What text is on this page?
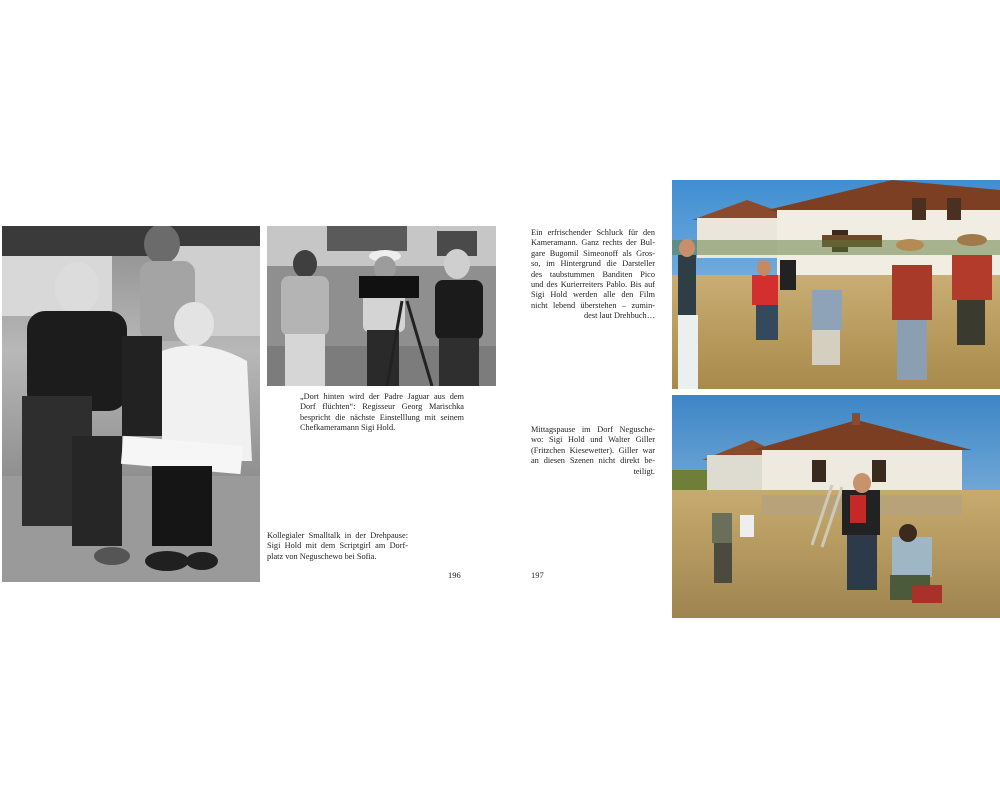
„Dort hinten wird der Padre Jaguar aus dem
Dorf flüchten“: Regisseur Georg Marischka
bespricht die nächste Einstelllung mit seinem
Chefkameramann Sigi Hold.
Kollegialer Smalltalk in der Drehpause:
Sigi Hold mit dem Scriptgirl am Dorf-
platz von Neguschewo bei Sofia.
196
Ein erfrischender Schluck für den
Kameramann. Ganz rechts der Bul-
gare Bugomil Simeonoff als Gros-
so, im Hintergrund die Darsteller
des taubstummen Banditen Pico
und des Kurierreiters Pablo. Bis auf
Sigi Hold werden alle den Film
nicht lebend überstehen – zumin-
dest laut Drehbuch…
Mittagspause im Dorf Neguschе-
wo: Sigi Hold und Walter Giller
(Fritzchen Kiesewetter). Giller war
an diesen Szenen nicht direkt be-
teiligt.
197
